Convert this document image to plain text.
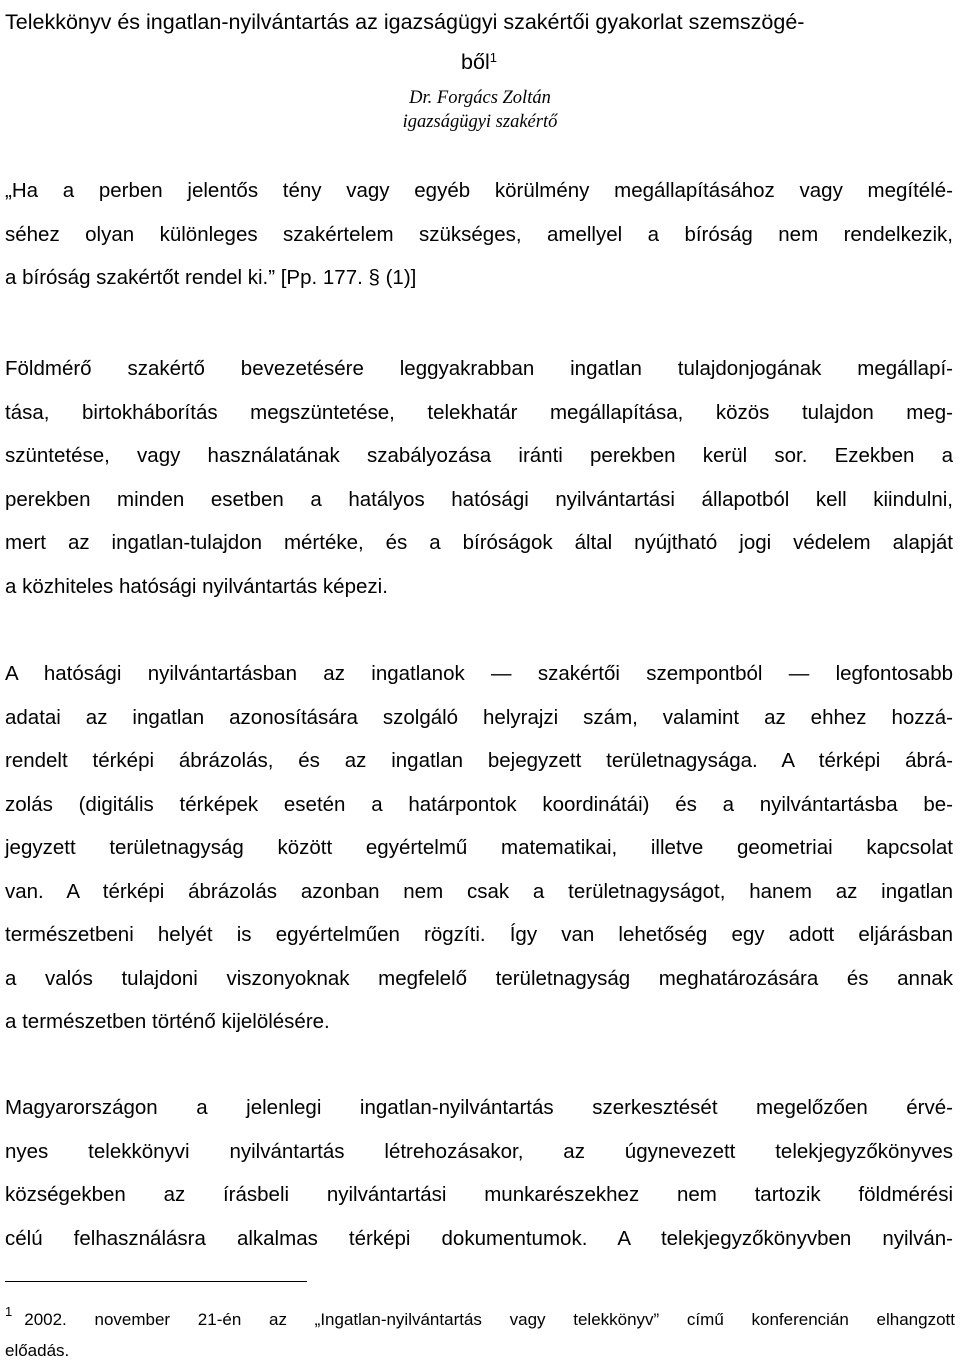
Telekkönyv és ingatlan-nyilvántartás az igazságügyi szakértői gyakorlat szemszögé-
ből$^1$
Dr. Forgács Zoltán
igazságügyi szakértő
„Ha a perben jelentős tény vagy egyéb körülmény megállapításához vagy megítélé-
séhez olyan különleges szakértelem szükséges, amellyel a bíróság nem rendelkezik,
a bíróság szakértőt rendel ki.” [Pp. 177. § (1)]
Földmérő szakértő bevezetésére leggyakrabban ingatlan tulajdonjogának megállapí-
tása, birtokháborítás megszüntetése, telekhatár megállapítása, közös tulajdon meg-
szüntetése, vagy használatának szabályozása iránti perekben kerül sor. Ezekben a
perekben minden esetben a hatályos hatósági nyilvántartási állapotból kell kiindulni,
mert az ingatlan-tulajdon mértéke, és a bíróságok által nyújtható jogi védelem alapját
a közhiteles hatósági nyilvántartás képezi.
A hatósági nyilvántartásban az ingatlanok — szakértői szempontból — legfontosabb
adatai az ingatlan azonosítására szolgáló helyrajzi szám, valamint az ehhez hozzá-
rendelt térképi ábrázolás, és az ingatlan bejegyzett területnagysága. A térképi ábrá-
zolás (digitális térképek esetén a határpontok koordinátái) és a nyilvántartásba be-
jegyzett területnagyság között egyértelmű matematikai, illetve geometriai kapcsolat
van. A térképi ábrázolás azonban nem csak a területnagyságot, hanem az ingatlan
természetbeni helyét is egyértelműen rögzíti. Így van lehetőség egy adott eljárásban
a valós tulajdoni viszonyoknak megfelelő területnagyság meghatározására és annak
a természetben történő kijelölésére.
Magyarországon a jelenlegi ingatlan-nyilvántartás szerkesztését megelőzően érvé-
nyes telekkönyvi nyilvántartás létrehozásakor, az úgynevezett telekjegyzőkönyves
községekben az írásbeli nyilvántartási munkarészekhez nem tartozik földmérési
célú felhasználásra alkalmas térképi dokumentumok. A telekjegyzőkönyvben nyilván-
$^1$ 2002. november 21-én az „Ingatlan-nyilvántartás vagy telekkönyv” című konferencián elhangzott
előadás.
